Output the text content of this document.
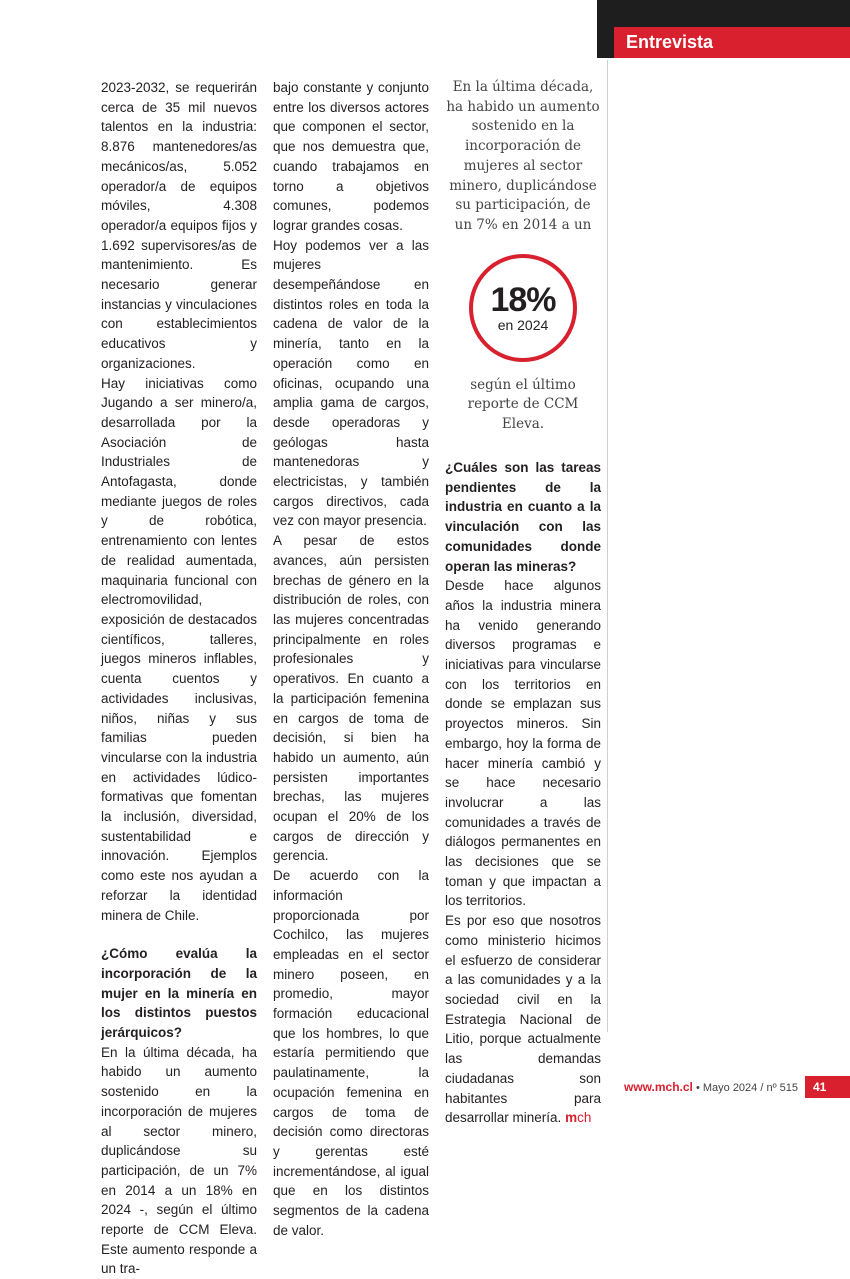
Entrevista

2023-2032, se requerirán cerca de 35 mil nuevos talentos en la industria: 8.876 mantenedores/as mecánicos/as, 5.052 operador/a de equipos móviles, 4.308 operador/a equipos fijos y 1.692 supervisores/as de mantenimiento. Es necesario generar instancias y vinculaciones con establecimientos educativos y organizaciones.

Hay iniciativas como Jugando a ser minero/a, desarrollada por la Asociación de Industriales de Antofagasta, donde mediante juegos de roles y de robótica, entrenamiento con lentes de realidad aumentada, maquinaria funcional con electromovilidad, exposición de destacados científicos, talleres, juegos mineros inflables, cuenta cuentos y actividades inclusivas, niños, niñas y sus familias pueden vincularse con la industria en actividades lúdico-formativas que fomentan la inclusión, diversidad, sustentabilidad e innovación. Ejemplos como este nos ayudan a reforzar la identidad minera de Chile.

¿Cómo evalúa la incorporación de la mujer en la minería en los distintos puestos jerárquicos?

En la última década, ha habido un aumento sostenido en la incorporación de mujeres al sector minero, duplicándose su participación, de un 7% en 2014 a un 18% en 2024 -, según el último reporte de CCM Eleva. Este aumento responde a un tra-

bajo constante y conjunto entre los diversos actores que componen el sector, que nos demuestra que, cuando trabajamos en torno a objetivos comunes, podemos lograr grandes cosas.

Hoy podemos ver a las mujeres desempeñándose en distintos roles en toda la cadena de valor de la minería, tanto en la operación como en oficinas, ocupando una amplia gama de cargos, desde operadoras y geólogas hasta mantenedoras y electricistas, y también cargos directivos, cada vez con mayor presencia.

A pesar de estos avances, aún persisten brechas de género en la distribución de roles, con las mujeres concentradas principalmente en roles profesionales y operativos. En cuanto a la participación femenina en cargos de toma de decisión, si bien ha habido un aumento, aún persisten importantes brechas, las mujeres ocupan el 20% de los cargos de dirección y gerencia.

De acuerdo con la información proporcionada por Cochilco, las mujeres empleadas en el sector minero poseen, en promedio, mayor formación educacional que los hombres, lo que estaría permitiendo que paulatinamente, la ocupación femenina en cargos de toma de decisión como directoras y gerentas esté incrementándose, al igual que en los distintos segmentos de la cadena de valor.

En la última década, ha habido un aumento sostenido en la incorporación de mujeres al sector minero, duplicándose su participación, de un 7% en 2014 a un

18%
en 2024

según el último reporte de CCM Eleva.

¿Cuáles son las tareas pendientes de la industria en cuanto a la vinculación con las comunidades donde operan las mineras?

Desde hace algunos años la industria minera ha venido generando diversos programas e iniciativas para vincularse con los territorios en donde se emplazan sus proyectos mineros. Sin embargo, hoy la forma de hacer minería cambió y se hace necesario involucrar a las comunidades a través de diálogos permanentes en las decisiones que se toman y que impactan a los territorios.

Es por eso que nosotros como ministerio hicimos el esfuerzo de considerar a las comunidades y a la sociedad civil en la Estrategia Nacional de Litio, porque actualmente las demandas ciudadanas son habitantes para desarrollar minería. mch

www.mch.cl • Mayo 2024 / nº 515	41
